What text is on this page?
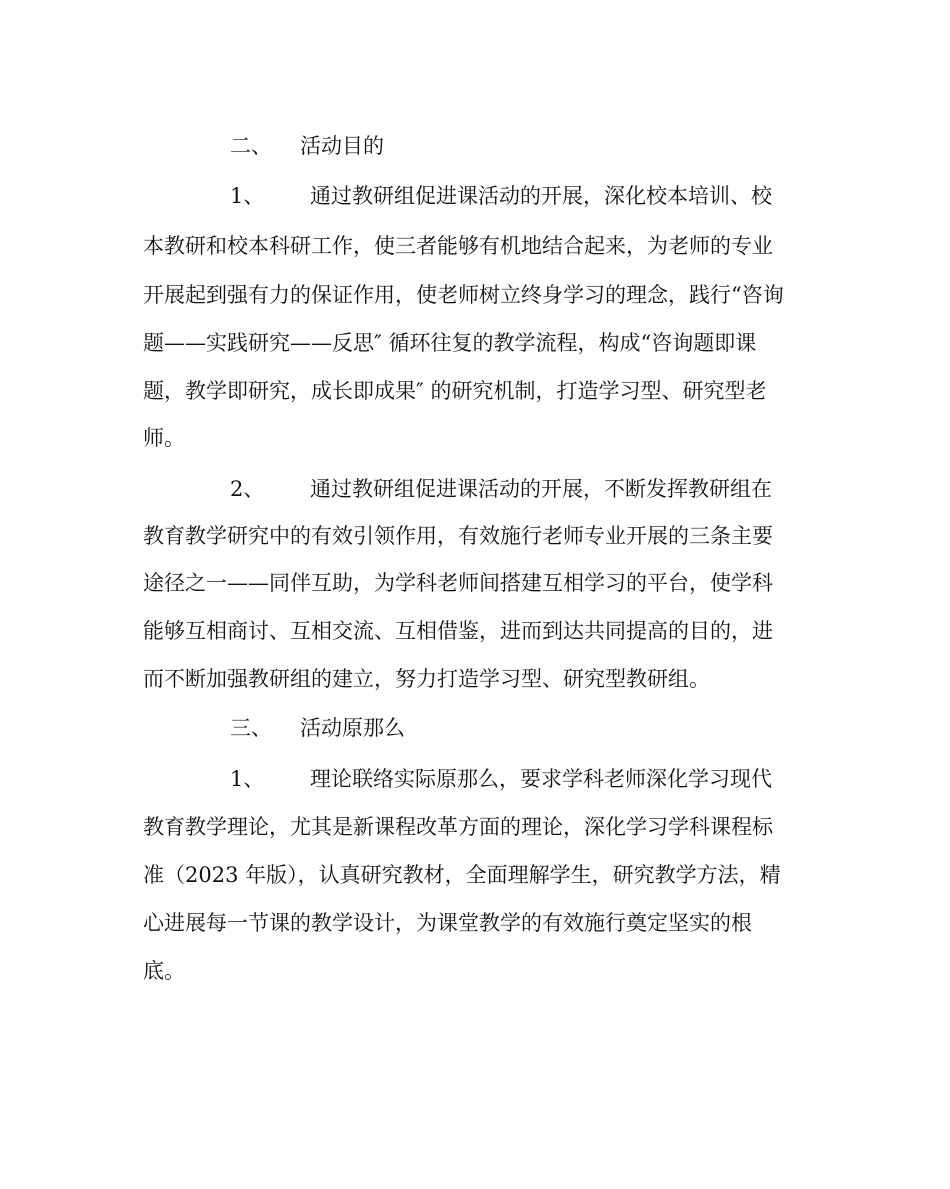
二、 活动目的
1、 通过教研组促进课活动的开展，深化校本培训、校
本教研和校本科研工作，使三者能够有机地结合起来，为老师的专业
开展起到强有力的保证作用，使老师树立终身学习的理念，践行“咨询
题——实践研究——反思″ 循环往复的教学流程，构成“咨询题即课
题，教学即研究，成长即成果″ 的研究机制，打造学习型、研究型老
师。
2、 通过教研组促进课活动的开展，不断发挥教研组在
教育教学研究中的有效引领作用，有效施行老师专业开展的三条主要
途径之一——同伴互助，为学科老师间搭建互相学习的平台，使学科
能够互相商讨、互相交流、互相借鉴，进而到达共同提高的目的，进
而不断加强教研组的建立，努力打造学习型、研究型教研组。
三、 活动原那么
1、 理论联络实际原那么，要求学科老师深化学习现代
教育教学理论，尤其是新课程改革方面的理论，深化学习学科课程标
准（2023 年版），认真研究教材，全面理解学生，研究教学方法，精
心进展每一节课的教学设计，为课堂教学的有效施行奠定坚实的根
底。
